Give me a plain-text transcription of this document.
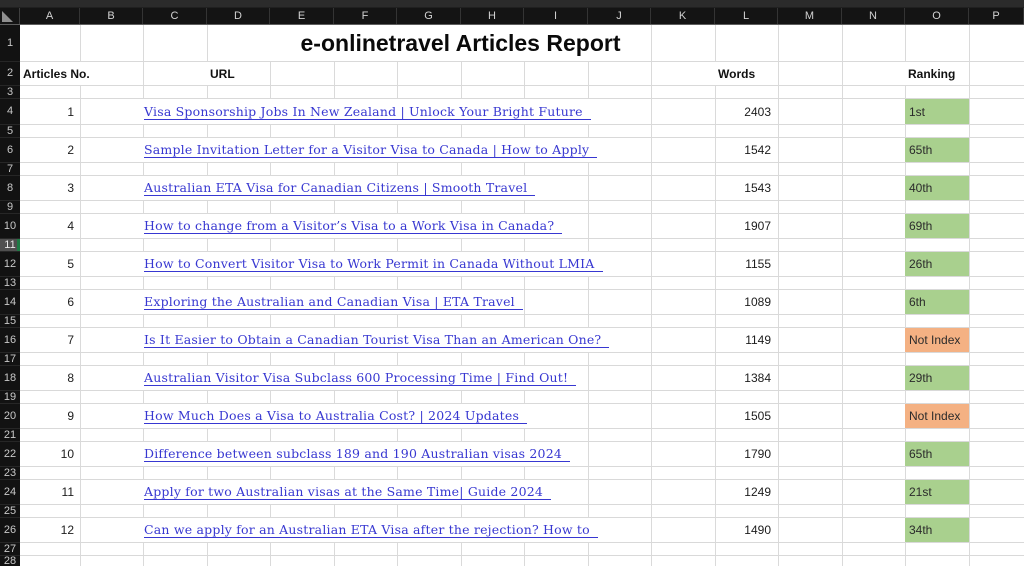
A	B	C	D	E	F	G	H	I	J	K	L	M	N	O	P
1	e-onlinetravel Articles Report
2 Articles No.	URL	Words	Ranking
3
4	1	Visa Sponsorship Jobs In New Zealand | Unlock Your Bright Future	2403	1st
5
6	2	Sample Invitation Letter for a Visitor Visa to Canada | How to Apply	1542	65th
7
8	3	Australian ETA Visa for Canadian Citizens | Smooth Travel	1543	40th
9
10	4	How to change from a Visitor’s Visa to a Work Visa in Canada?	1907	69th
11
12	5	How to Convert Visitor Visa to Work Permit in Canada Without LMIA	1155	26th
13
14	6	Exploring the Australian and Canadian Visa | ETA Travel	1089	6th
15
16	7	Is It Easier to Obtain a Canadian Tourist Visa Than an American One?	1149	Not Index
17
18	8	Australian Visitor Visa Subclass 600 Processing Time | Find Out!	1384	29th
19
20	9	How Much Does a Visa to Australia Cost? | 2024 Updates	1505	Not Index
21
22	10	Difference between subclass 189 and 190 Australian visas 2024	1790	65th
23
24	11	Apply for two Australian visas at the Same Time| Guide 2024	1249	21st
25
26	12	Can we apply for an Australian ETA Visa after the rejection? How to	1490	34th
27
28
